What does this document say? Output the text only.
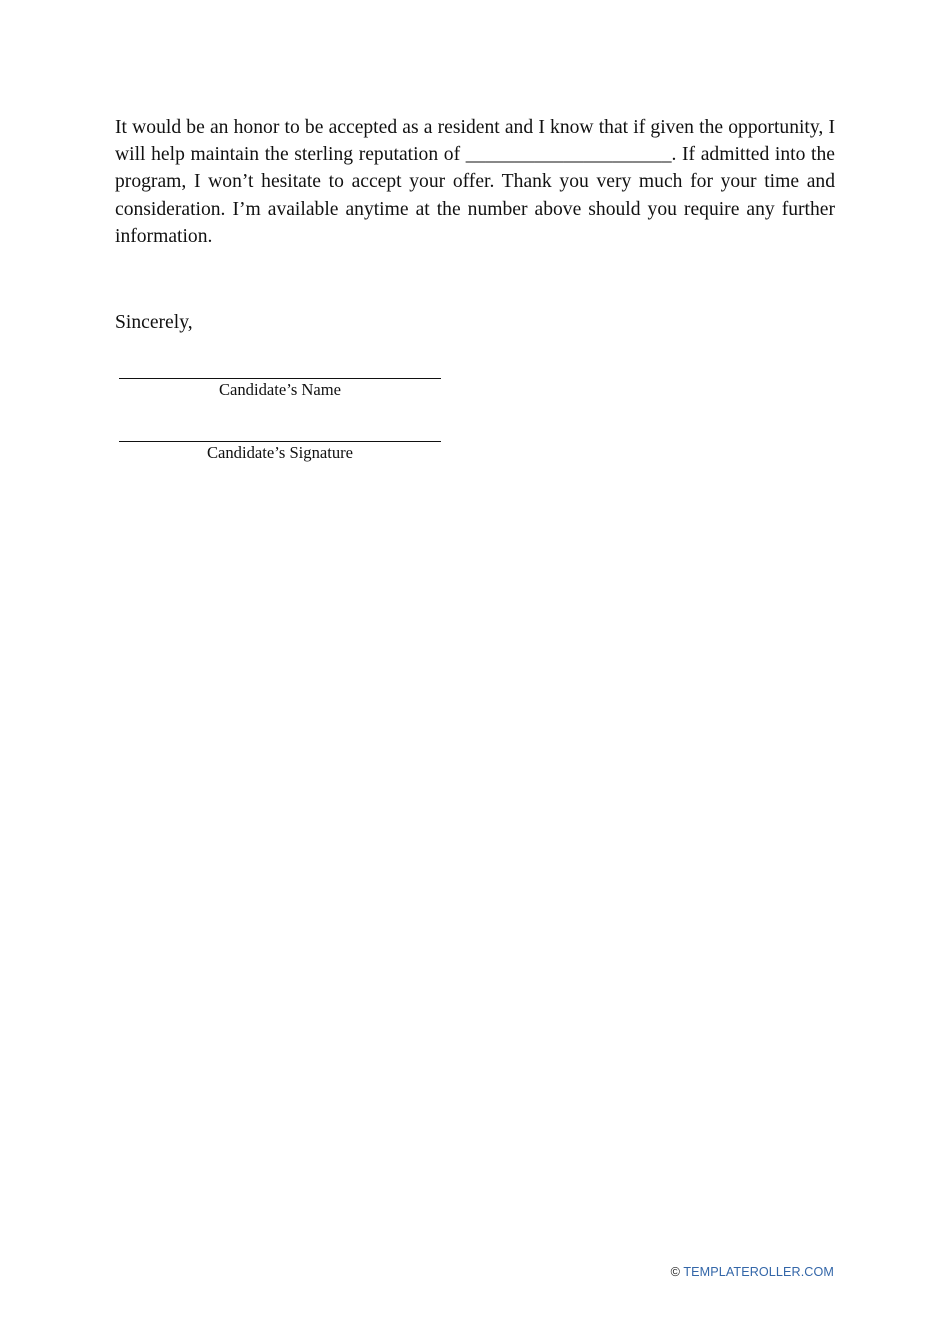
It would be an honor to be accepted as a resident and I know that if given the opportunity, I will help maintain the sterling reputation of _____________________. If admitted into the program, I won’t hesitate to accept your offer. Thank you very much for your time and consideration. I’m available anytime at the number above should you require any further information.

Sincerely,

Candidate’s Name
Candidate’s Signature
© TEMPLATEROLLER.COM
